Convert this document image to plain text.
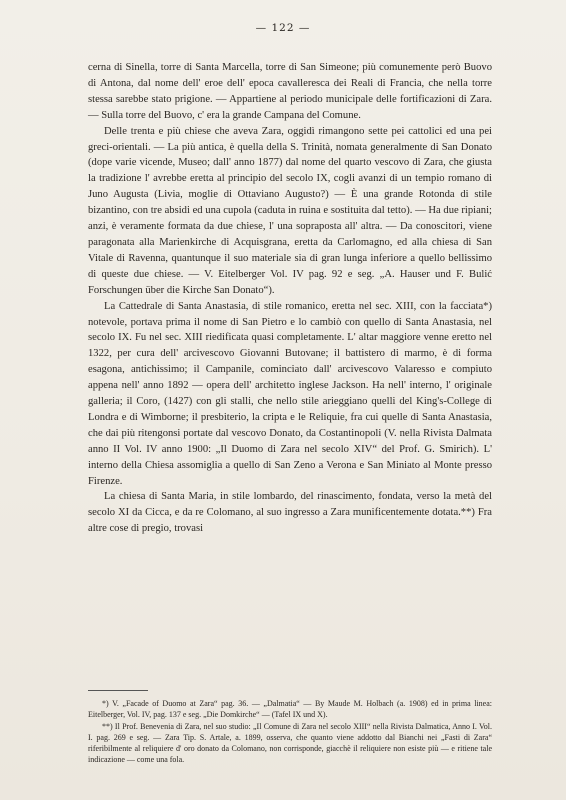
— 122 —

cerna di Sinella, torre di Santa Marcella, torre di San Simeone; più comunemente però Buovo di Antona, dal nome dell' eroe dell' epoca cavalleresca dei Reali di Francia, che nella torre stessa sarebbe stato prigione. — Appartiene al periodo municipale delle fortificazioni di Zara. — Sulla torre del Buovo, c' era la grande Campana del Comune.

Delle trenta e più chiese che aveva Zara, oggidì rimangono sette pei cattolici ed una pei greci-orientali. — La più antica, è quella della S. Trinità, nomata generalmente di San Donato (dope varie vicende, Museo; dall' anno 1877) dal nome del quarto vescovo di Zara, che giusta la tradizione l' avrebbe eretta al principio del secolo IX, cogli avanzi di un tempio romano di Juno Augusta (Livia, moglie di Ottaviano Augusto?) — È una grande Rotonda di stile bizantino, con tre absidi ed una cupola (caduta in ruina e sostituita dal tetto). — Ha due ripiani; anzi, è veramente formata da due chiese, l' una sopraposta all' altra. — Da conoscitori, viene paragonata alla Marienkirche di Acquisgrana, eretta da Carlomagno, ed alla chiesa di San Vitale di Ravenna, quantunque il suo materiale sia di gran lunga inferiore a quello bellissimo di queste due chiese. — V. Eitelberger Vol. IV pag. 92 e seg. „A. Hauser und F. Bulić Forschungen über die Kirche San Donato“).

La Cattedrale di Santa Anastasia, di stile romanico, eretta nel sec. XIII, con la facciata*) notevole, portava prima il nome di San Pietro e lo cambiò con quello di Santa Anastasia, nel secolo IX. Fu nel sec. XIII riedificata quasi completamente. L' altar maggiore venne eretto nel 1322, per cura dell' arcivescovo Giovanni Butovane; il battistero di marmo, è di forma esagona, antichissimo; il Campanile, cominciato dall' arcivescovo Valaresso e compiuto appena nell' anno 1892 — opera dell' architetto inglese Jackson. Ha nell' interno, l' originale galleria; il Coro, (1427) con gli stalli, che nello stile arieggiano quelli del King's-College di Londra e di Wimborne; il presbiterio, la cripta e le Reliquie, fra cui quelle di Santa Anastasia, che dai più ritengonsi portate dal vescovo Donato, da Costantinopoli (V. nella Rivista Dalmata anno II Vol. IV anno 1900: „Il Duomo di Zara nel secolo XIV“ del Prof. G. Smirich). L' interno della Chiesa assomiglia a quello di San Zeno a Verona e San Miniato al Monte presso Firenze.

La chiesa di Santa Maria, in stile lombardo, del rinascimento, fondata, verso la metà del secolo XI da Cicca, e da re Colomano, al suo ingresso a Zara munificentemente dotata.**) Fra altre cose di pregio, trovasi

*) V. „Facade of Duomo at Zara“ pag. 36. — „Dalmatia“ — By Maude M. Holbach (a. 1908) ed in prima linea: Eitelberger, Vol. IV, pag. 137 e seg. „Die Domkirche“ — (Tafel IX und X).

**) Il Prof. Benevenia di Zara, nel suo studio: „Il Comune di Zara nel secolo XIII“ nella Rivista Dalmatica, Anno I. Vol. I. pag. 269 e seg. — Zara Tip. S. Artale, a. 1899, osserva, che quanto viene addotto dal Bianchi nei „Fasti di Zara“ riferibilmente al reliquiere d' oro donato da Colomano, non corrisponde, giacchè il reliquiere non esiste più — e ritiene tale indicazione — come una fola.
